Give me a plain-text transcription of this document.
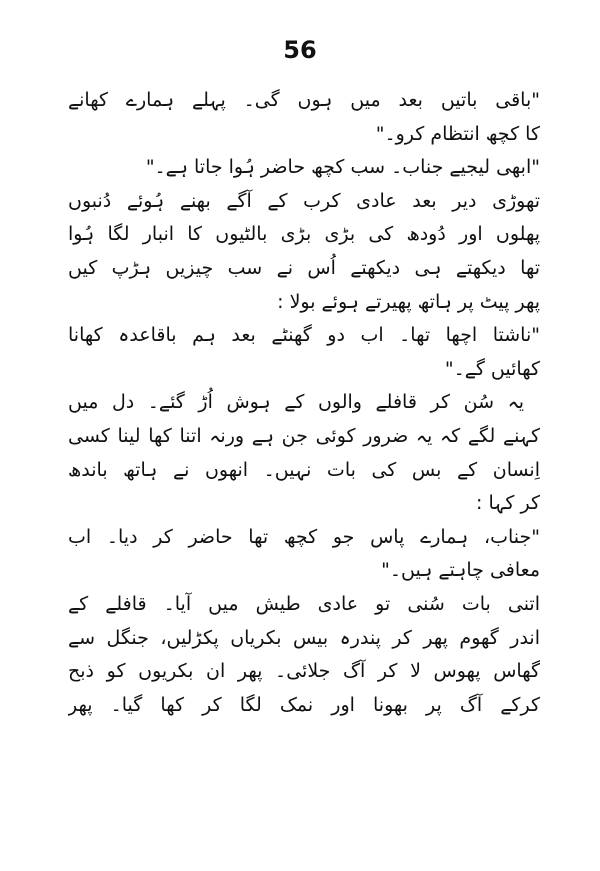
56
"باقی باتیں بعد میں ہوں گی۔ پہلے ہمارے کھانے
کا کچھ انتظام کرو۔"
"ابھی لیجیے جناب۔ سب کچھ حاضر ہُوا جاتا ہے۔"
تھوڑی دیر بعد عادی کرب کے آگے بھنے ہُوئے دُنبوں
پھلوں اور دُودھ کی بڑی بڑی بالٹیوں کا انبار لگا ہُوا
تھا دیکھتے ہی دیکھتے اُس نے سب چیزیں ہڑپ کیں
پھر پیٹ پر ہاتھ پھیرتے ہوئے بولا :
"ناشتا اچھا تھا۔ اب دو گھنٹے بعد ہم باقاعدہ کھانا
کھائیں گے۔"
یہ سُن کر قافلے والوں کے ہوش اُڑ گئے۔ دل میں
کہنے لگے کہ یہ ضرور کوئی جن ہے ورنہ اتنا کھا لینا کسی
اِنسان کے بس کی بات نہیں۔ انھوں نے ہاتھ باندھ
کر کہا :
"جناب، ہمارے پاس جو کچھ تھا حاضر کر دیا۔ اب
معافی چاہتے ہیں۔"
اتنی بات سُنی تو عادی طیش میں آیا۔ قافلے کے
اندر گھوم پھر کر پندرہ بیس بکریاں پکڑلیں، جنگل سے
گھاس پھوس لا کر آگ جلائی۔ پھر ان بکریوں کو ذبح
کرکے آگ پر بھونا اور نمک لگا کر کھا گیا۔ پھر
